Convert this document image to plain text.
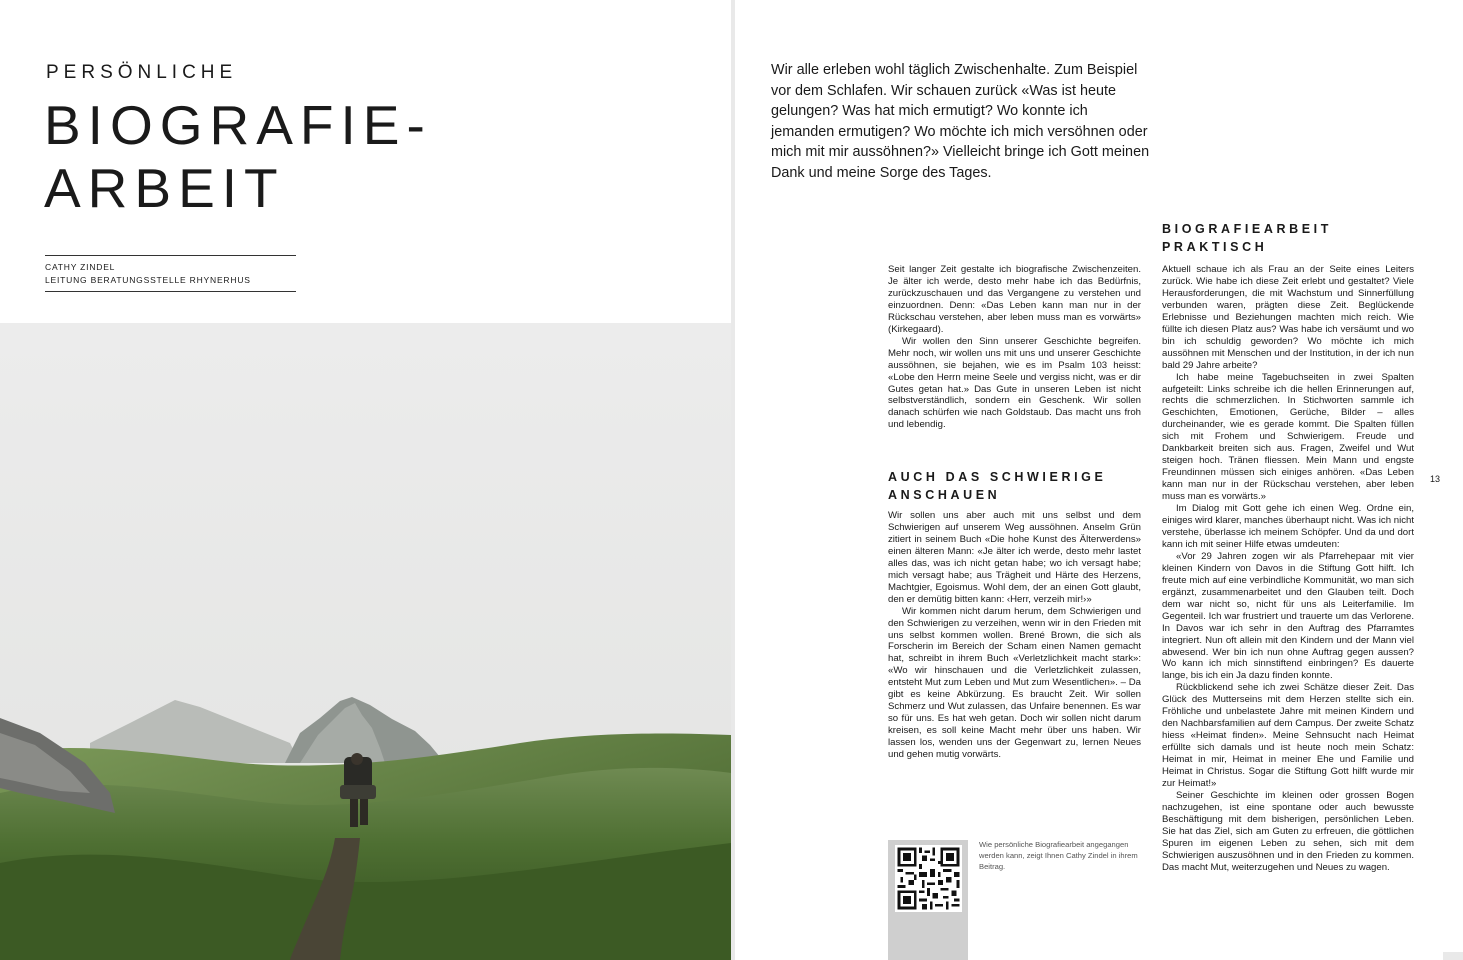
PERSÖNLICHE

BIOGRAFIE-
ARBEIT
CATHY ZINDEL
LEITUNG BERATUNGSSTELLE RHYNERHUS

Wir alle erleben wohl täglich Zwischenhalte. Zum Beispiel vor dem Schlafen. Wir schauen zurück «Was ist heute gelungen? Was hat mich ermutigt? Wo konnte ich jemanden ermutigen? Wo möchte ich mich versöhnen oder mich mit mir aussöhnen?» Vielleicht bringe ich Gott meinen Dank und meine Sorge des Tages.

BIOGRAFIEARBEIT
PRAKTISCH

Seit langer Zeit gestalte ich biografische Zwischenzeiten. Je älter ich werde, desto mehr habe ich das Bedürfnis, zurückzuschauen und das Vergangene zu verstehen und einzuordnen. Denn: «Das Leben kann man nur in der Rückschau verstehen, aber leben muss man es vorwärts» (Kirkegaard).

Wir wollen den Sinn unserer Geschichte begreifen. Mehr noch, wir wollen uns mit uns und unserer Geschichte aussöhnen, sie bejahen, wie es im Psalm 103 heisst: «Lobe den Herrn meine Seele und vergiss nicht, was er dir Gutes getan hat.» Das Gute in unseren Leben ist nicht selbstverständlich, sondern ein Geschenk. Wir sollen danach schürfen wie nach Goldstaub. Das macht uns froh und lebendig.

AUCH DAS SCHWIERIGE
ANSCHAUEN

Wir sollen uns aber auch mit uns selbst und dem Schwierigen auf unserem Weg aussöhnen. Anselm Grün zitiert in seinem Buch «Die hohe Kunst des Älterwerdens» einen älteren Mann: «Je älter ich werde, desto mehr lastet alles das, was ich nicht getan habe; wo ich versagt habe; mich versagt habe; aus Trägheit und Härte des Herzens, Machtgier, Egoismus. Wohl dem, der an einen Gott glaubt, den er demütig bitten kann: ‹Herr, verzeih mir!›»

Wir kommen nicht darum herum, dem Schwierigen und den Schwierigen zu verzeihen, wenn wir in den Frieden mit uns selbst kommen wollen. Brené Brown, die sich als Forscherin im Bereich der Scham einen Namen gemacht hat, schreibt in ihrem Buch «Verletzlichkeit macht stark»: «Wo wir hinschauen und die Verletzlichkeit zulassen, entsteht Mut zum Leben und Mut zum Wesentlichen». – Da gibt es keine Abkürzung. Es braucht Zeit. Wir sollen Schmerz und Wut zulassen, das Unfaire benennen. Es war so für uns. Es hat weh getan. Doch wir sollen nicht darum kreisen, es soll keine Macht mehr über uns haben. Wir lassen los, wenden uns der Gegenwart zu, lernen Neues und gehen mutig vorwärts.

Aktuell schaue ich als Frau an der Seite eines Leiters zurück. Wie habe ich diese Zeit erlebt und gestaltet? Viele Herausforderungen, die mit Wachstum und Sinnerfüllung verbunden waren, prägten diese Zeit. Beglückende Erlebnisse und Beziehungen machten mich reich. Wie füllte ich diesen Platz aus? Was habe ich versäumt und wo bin ich schuldig geworden? Wo möchte ich mich aussöhnen mit Menschen und der Institution, in der ich nun bald 29 Jahre arbeite?

Ich habe meine Tagebuchseiten in zwei Spalten aufgeteilt: Links schreibe ich die hellen Erinnerungen auf, rechts die schmerzlichen. In Stichworten sammle ich Geschichten, Emotionen, Gerüche, Bilder – alles durcheinander, wie es gerade kommt. Die Spalten füllen sich mit Frohem und Schwierigem. Freude und Dankbarkeit breiten sich aus. Fragen, Zweifel und Wut steigen hoch. Tränen fliessen. Mein Mann und engste Freundinnen müssen sich einiges anhören. «Das Leben kann man nur in der Rückschau verstehen, aber leben muss man es vorwärts.»

Im Dialog mit Gott gehe ich einen Weg. Ordne ein, einiges wird klarer, manches überhaupt nicht. Was ich nicht verstehe, überlasse ich meinem Schöpfer. Und da und dort kann ich mit seiner Hilfe etwas umdeuten:

«Vor 29 Jahren zogen wir als Pfarrehepaar mit vier kleinen Kindern von Davos in die Stiftung Gott hilft. Ich freute mich auf eine verbindliche Kommunität, wo man sich ergänzt, zusammenarbeitet und den Glauben teilt. Doch dem war nicht so, nicht für uns als Leiterfamilie. Im Gegenteil. Ich war frustriert und trauerte um das Verlorene. In Davos war ich sehr in den Auftrag des Pfarramtes integriert. Nun oft allein mit den Kindern und der Mann viel abwesend. Wer bin ich nun ohne Auftrag gegen aussen? Wo kann ich mich sinnstiftend einbringen? Es dauerte lange, bis ich ein Ja dazu finden konnte.

Rückblickend sehe ich zwei Schätze dieser Zeit. Das Glück des Mutterseins mit dem Herzen stellte sich ein. Fröhliche und unbelastete Jahre mit meinen Kindern und den Nachbarsfamilien auf dem Campus. Der zweite Schatz hiess «Heimat finden». Meine Sehnsucht nach Heimat erfüllte sich damals und ist heute noch mein Schatz: Heimat in mir, Heimat in meiner Ehe und Familie und Heimat in Christus. Sogar die Stiftung Gott hilft wurde mir zur Heimat!»

Seiner Geschichte im kleinen oder grossen Bogen nachzugehen, ist eine spontane oder auch bewusste Beschäftigung mit dem bisherigen, persönlichen Leben. Sie hat das Ziel, sich am Guten zu erfreuen, die göttlichen Spuren im eigenen Leben zu sehen, sich mit dem Schwierigen auszusöhnen und in den Frieden zu kommen. Das macht Mut, weiterzugehen und Neues zu wagen.

13
Wie persönliche Biografiearbeit angegangen werden kann, zeigt Ihnen Cathy Zindel in ihrem Beitrag.
